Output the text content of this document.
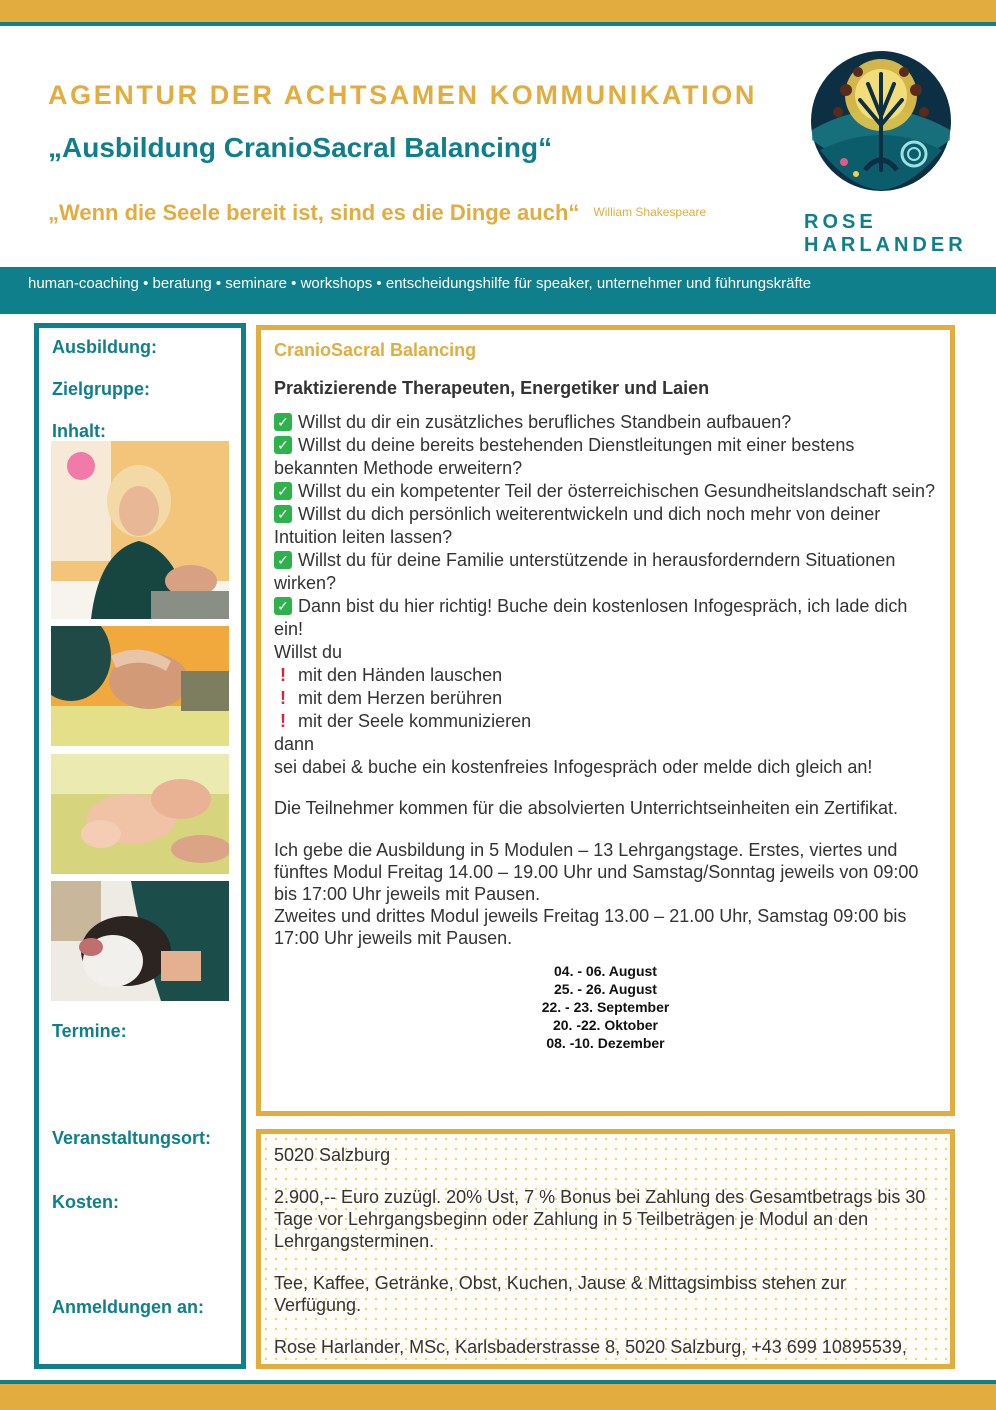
AGENTUR DER ACHTSAMEN KOMMUNIKATION
„Ausbildung CranioSacral Balancing“
„Wenn die Seele bereit ist, sind es die Dinge auch“ William Shakespeare	ROSE
HARLANDER
human-coaching • beratung • seminare • workshops • entscheidungshilfe für speaker, unternehmer und führungskräfte
Ausbildung:
Zielgruppe:
Inhalt:
Termine:
Veranstaltungsort:
Kosten:
Anmeldungen an:
CranioSacral Balancing
Praktizierende Therapeuten, Energetiker und Laien
✓ Willst du dir ein zusätzliches berufliches Standbein aufbauen?
✓ Willst du deine bereits bestehenden Dienstleitungen mit einer bestens bekannten Methode erweitern?
✓ Willst du ein kompetenter Teil der österreichischen Gesundheitslandschaft sein?
✓ Willst du dich persönlich weiterentwickeln und dich noch mehr von deiner Intuition leiten lassen?
✓ Willst du für deine Familie unterstützende in herausforderndern Situationen wirken?
✓ Dann bist du hier richtig! Buche dein kostenlosen Infogespräch, ich lade dich ein!
Willst du
! mit den Händen lauschen
! mit dem Herzen berühren
! mit der Seele kommunizieren
dann
sei dabei & buche ein kostenfreies Infogespräch oder melde dich gleich an!
Die Teilnehmer kommen für die absolvierten Unterrichtseinheiten ein Zertifikat.
Ich gebe die Ausbildung in 5 Modulen – 13 Lehrgangstage. Erstes, viertes und fünftes Modul Freitag 14.00 – 19.00 Uhr und Samstag/Sonntag jeweils von 09:00 bis 17:00 Uhr jeweils mit Pausen.
Zweites und drittes Modul jeweils Freitag 13.00 – 21.00 Uhr, Samstag 09:00 bis 17:00 Uhr jeweils mit Pausen.
04. - 06. August
25. - 26. August
22. - 23. September
20. -22. Oktober
08. -10. Dezember
5020 Salzburg
2.900,-- Euro zuzügl. 20% Ust, 7 % Bonus bei Zahlung des Gesamtbetrags bis 30 Tage vor Lehrgangsbeginn oder Zahlung in 5 Teilbeträgen je Modul an den Lehrgangsterminen.
Tee, Kaffee, Getränke, Obst, Kuchen, Jause & Mittagsimbiss stehen zur Verfügung.
Rose Harlander, MSc, Karlsbaderstrasse 8, 5020 Salzburg, +43 699 10895539,
